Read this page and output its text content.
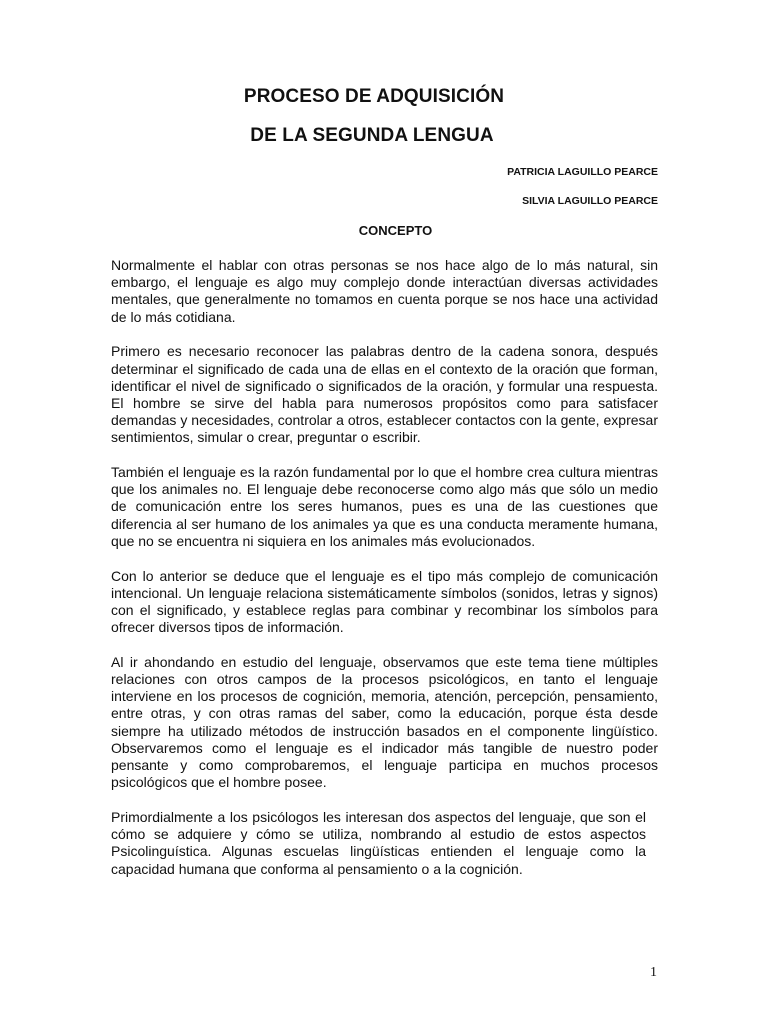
PROCESO DE ADQUISICIÓN
DE LA SEGUNDA LENGUA

PATRICIA LAGUILLO PEARCE

SILVIA LAGUILLO PEARCE

CONCEPTO

Normalmente el hablar con otras personas se nos hace algo de lo más natural, sin embargo, el lenguaje es algo muy complejo donde interactúan diversas actividades mentales, que generalmente no tomamos en cuenta porque se nos hace una actividad de lo más cotidiana.

Primero es necesario reconocer las palabras dentro de la cadena sonora, después determinar el significado de cada una de ellas en el contexto de la oración que forman, identificar el nivel de significado o significados de la oración, y formular una respuesta. El hombre se sirve del habla para numerosos propósitos como para satisfacer demandas y necesidades, controlar a otros, establecer contactos con la gente, expresar sentimientos, simular o crear, preguntar o escribir.

También el lenguaje es la razón fundamental por lo que el hombre crea cultura mientras que los animales no. El lenguaje debe reconocerse como algo más que sólo un medio de comunicación entre los seres humanos, pues es una de las cuestiones que diferencia al ser humano de los animales ya que es una conducta meramente humana, que no se encuentra ni siquiera en los animales más evolucionados.

Con lo anterior se deduce que el lenguaje es el tipo más complejo de comunicación intencional. Un lenguaje relaciona sistemáticamente símbolos (sonidos, letras y signos) con el significado, y establece reglas para combinar y recombinar los símbolos para ofrecer diversos tipos de información.

Al ir ahondando en estudio del lenguaje, observamos que este tema tiene múltiples relaciones con otros campos de la procesos psicológicos, en tanto el lenguaje interviene en los procesos de cognición, memoria, atención, percepción, pensamiento, entre otras, y con otras ramas del saber, como la educación, porque ésta desde siempre ha utilizado métodos de instrucción basados en el componente lingüístico. Observaremos como el lenguaje es el indicador más tangible de nuestro poder pensante y como comprobaremos, el lenguaje participa en muchos procesos psicológicos que el hombre posee.

Primordialmente a los psicólogos les interesan dos aspectos del lenguaje, que son el cómo se adquiere y cómo se utiliza, nombrando al estudio de estos aspectos Psicolinguística. Algunas escuelas lingüísticas entienden el lenguaje como la capacidad humana que conforma al pensamiento o a la cognición.

1
